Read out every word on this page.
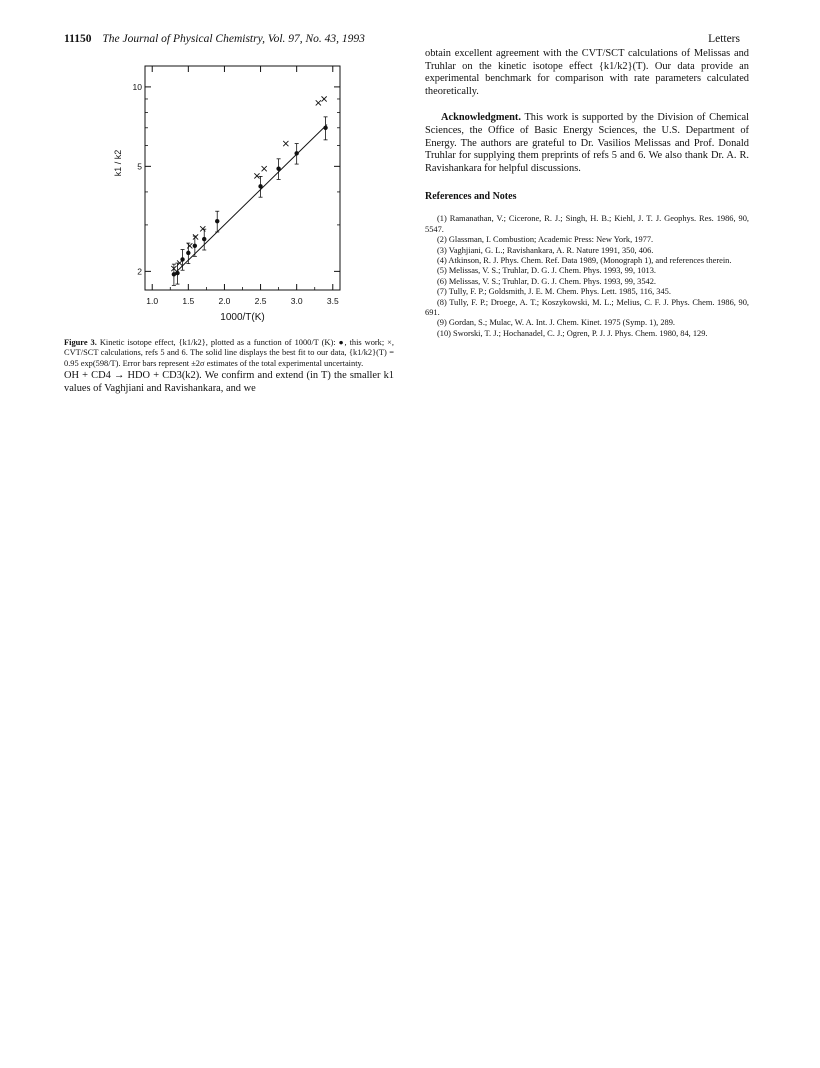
11150 The Journal of Physical Chemistry, Vol. 97, No. 43, 1993	Letters
1.0	1.5	2.0	2.5	3.0	3.5
10
5
2
1000/T(K)
k1 / k2
Figure 3. Kinetic isotope effect, {k1/k2}, plotted as a function of 1000/T (K): ●, this work; ×, CVT/SCT calculations, refs 5 and 6. The solid line displays the best fit to our data, {k1/k2}(T) = 0.95 exp(598/T). Error bars represent ±2σ estimates of the total experimental uncertainty.
OH + CD4 → HDO + CD3(k2). We confirm and extend (in T) the smaller k1 values of Vaghjiani and Ravishankara, and we

obtain excellent agreement with the CVT/SCT calculations of Melissas and Truhlar on the kinetic isotope effect {k1/k2}(T). Our data provide an experimental benchmark for comparison with rate parameters calculated theoretically.

Acknowledgment. This work is supported by the Division of Chemical Sciences, the Office of Basic Energy Sciences, the U.S. Department of Energy. The authors are grateful to Dr. Vasilios Melissas and Prof. Donald Truhlar for supplying them preprints of refs 5 and 6. We also thank Dr. A. R. Ravishankara for helpful discussions.

References and Notes

(1) Ramanathan, V.; Cicerone, R. J.; Singh, H. B.; Kiehl, J. T. J. Geophys. Res. 1986, 90, 5547.

(2) Glassman, I. Combustion; Academic Press: New York, 1977.

(3) Vaghjiani, G. L.; Ravishankara, A. R. Nature 1991, 350, 406.

(4) Atkinson, R. J. Phys. Chem. Ref. Data 1989, (Monograph 1), and references therein.

(5) Melissas, V. S.; Truhlar, D. G. J. Chem. Phys. 1993, 99, 1013.

(6) Melissas, V. S.; Truhlar, D. G. J. Chem. Phys. 1993, 99, 3542.

(7) Tully, F. P.; Goldsmith, J. E. M. Chem. Phys. Lett. 1985, 116, 345.

(8) Tully, F. P.; Droege, A. T.; Koszykowski, M. L.; Melius, C. F. J. Phys. Chem. 1986, 90, 691.

(9) Gordan, S.; Mulac, W. A. Int. J. Chem. Kinet. 1975 (Symp. 1), 289.

(10) Sworski, T. J.; Hochanadel, C. J.; Ogren, P. J. J. Phys. Chem. 1980, 84, 129.
